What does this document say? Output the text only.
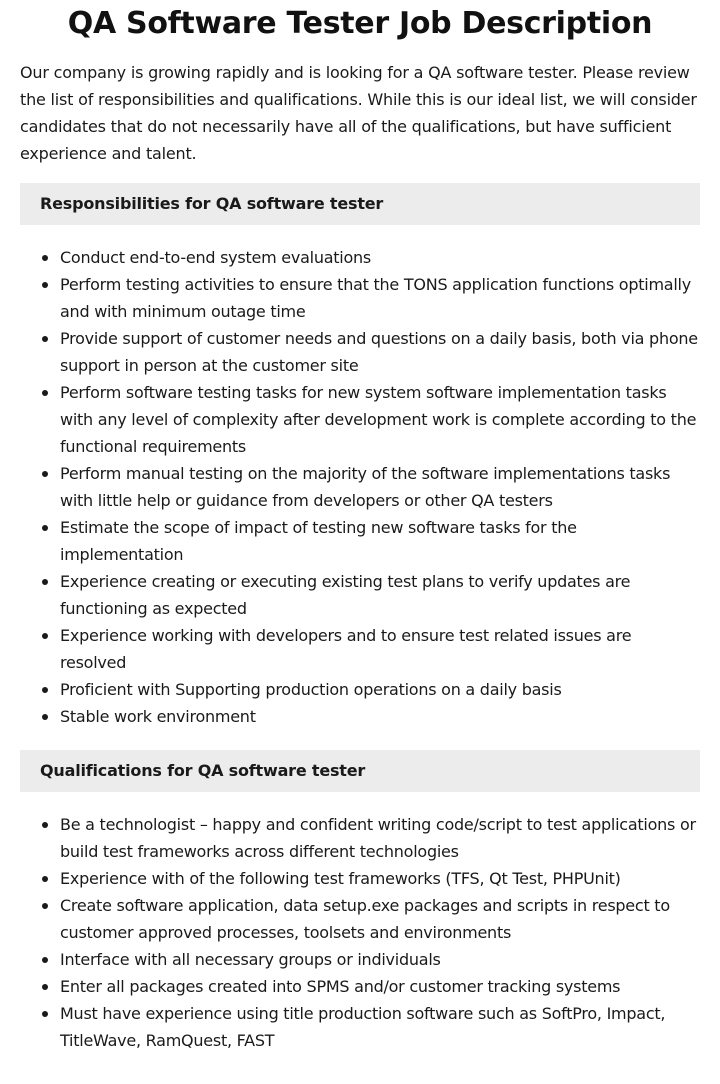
QA Software Tester Job Description

Our company is growing rapidly and is looking for a QA software tester. Please review the list of responsibilities and qualifications. While this is our ideal list, we will consider candidates that do not necessarily have all of the qualifications, but have sufficient experience and talent.

Responsibilities for QA software tester
Conduct end-to-end system evaluations
Perform testing activities to ensure that the TONS application functions optimally and with minimum outage time
Provide support of customer needs and questions on a daily basis, both via phone support in person at the customer site
Perform software testing tasks for new system software implementation tasks with any level of complexity after development work is complete according to the functional requirements
Perform manual testing on the majority of the software implementations tasks with little help or guidance from developers or other QA testers
Estimate the scope of impact of testing new software tasks for the implementation
Experience creating or executing existing test plans to verify updates are functioning as expected
Experience working with developers and to ensure test related issues are resolved
Proficient with Supporting production operations on a daily basis
Stable work environment
Qualifications for QA software tester
Be a technologist – happy and confident writing code/script to test applications or build test frameworks across different technologies
Experience with of the following test frameworks (TFS, Qt Test, PHPUnit)
Create software application, data setup.exe packages and scripts in respect to customer approved processes, toolsets and environments
Interface with all necessary groups or individuals
Enter all packages created into SPMS and/or customer tracking systems
Must have experience using title production software such as SoftPro, Impact, TitleWave, RamQuest, FAST
